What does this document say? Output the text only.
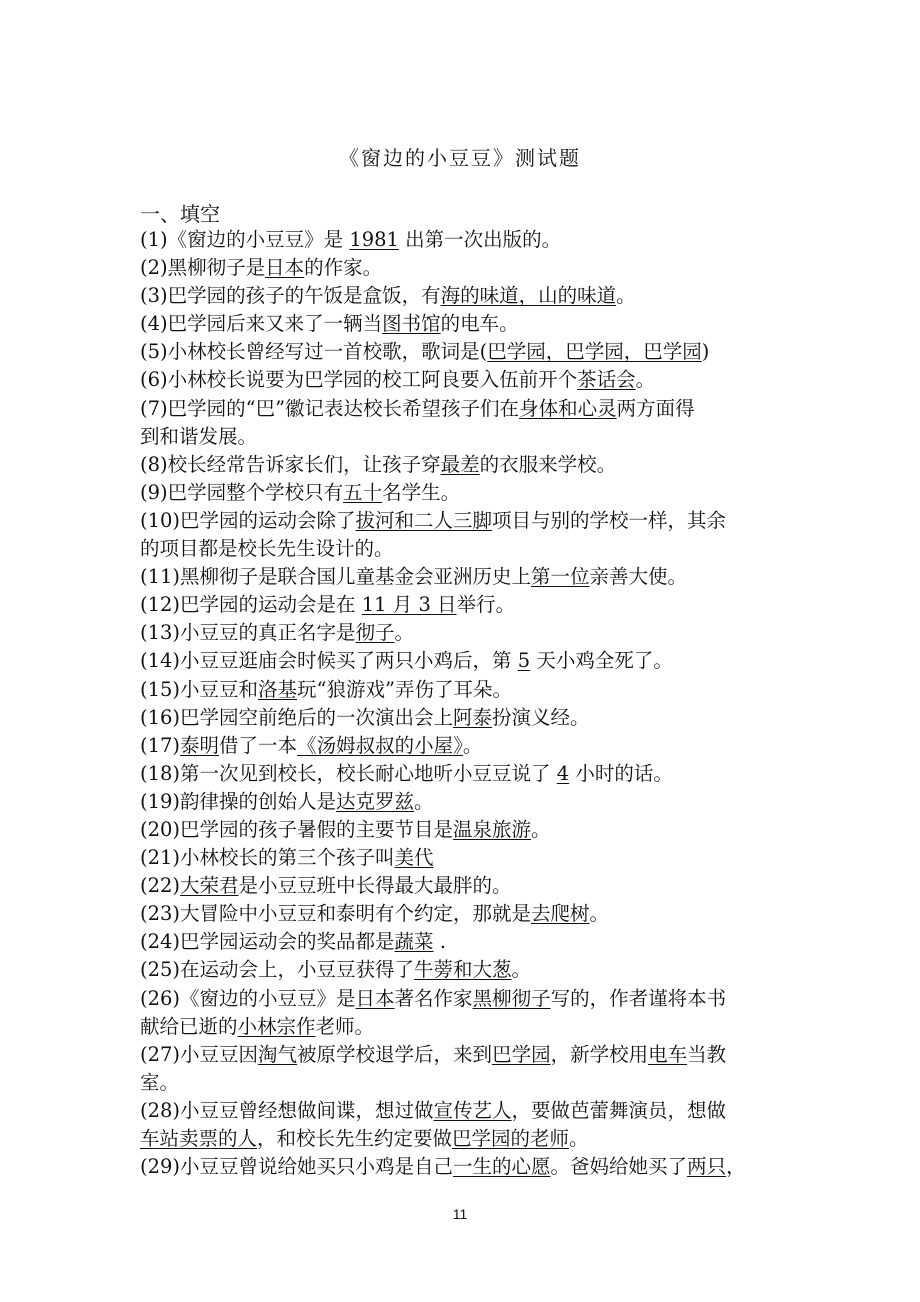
《窗边的小豆豆》测试题
一、填空
(1)《窗边的小豆豆》是 1981 出第一次出版的。
(2)黑柳彻子是日本的作家。
(3)巴学园的孩子的午饭是盒饭，有海的味道，山的味道。
(4)巴学园后来又来了一辆当图书馆的电车。
(5)小林校长曾经写过一首校歌，歌词是(巴学园，巴学园，巴学园)
(6)小林校长说要为巴学园的校工阿良要入伍前开个茶话会。
(7)巴学园的“巴”徽记表达校长希望孩子们在身体和心灵两方面得
到和谐发展。
(8)校长经常告诉家长们，让孩子穿最差的衣服来学校。
(9)巴学园整个学校只有五十名学生。
(10)巴学园的运动会除了拔河和二人三脚项目与别的学校一样，其余
的项目都是校长先生设计的。
(11)黑柳彻子是联合国儿童基金会亚洲历史上第一位亲善大使。
(12)巴学园的运动会是在 11 月 3 日举行。
(13)小豆豆的真正名字是彻子。
(14)小豆豆逛庙会时候买了两只小鸡后，第 5 天小鸡全死了。
(15)小豆豆和洛基玩“狼游戏”弄伤了耳朵。
(16)巴学园空前绝后的一次演出会上阿泰扮演义经。
(17)泰明借了一本《汤姆叔叔的小屋》。
(18)第一次见到校长，校长耐心地听小豆豆说了 4 小时的话。
(19)韵律操的创始人是达克罗兹。
(20)巴学园的孩子暑假的主要节目是温泉旅游。
(21)小林校长的第三个孩子叫美代
(22)大荣君是小豆豆班中长得最大最胖的。
(23)大冒险中小豆豆和泰明有个约定，那就是去爬树。
(24)巴学园运动会的奖品都是蔬菜 .
(25)在运动会上，小豆豆获得了牛蒡和大葱。
(26)《窗边的小豆豆》是日本著名作家黑柳彻子写的，作者谨将本书
献给已逝的小林宗作老师。
(27)小豆豆因淘气被原学校退学后，来到巴学园，新学校用电车当教
室。
(28)小豆豆曾经想做间谍，想过做宣传艺人，要做芭蕾舞演员，想做
车站卖票的人，和校长先生约定要做巴学园的老师。
(29)小豆豆曾说给她买只小鸡是自己一生的心愿。爸妈给她买了两只，
11
